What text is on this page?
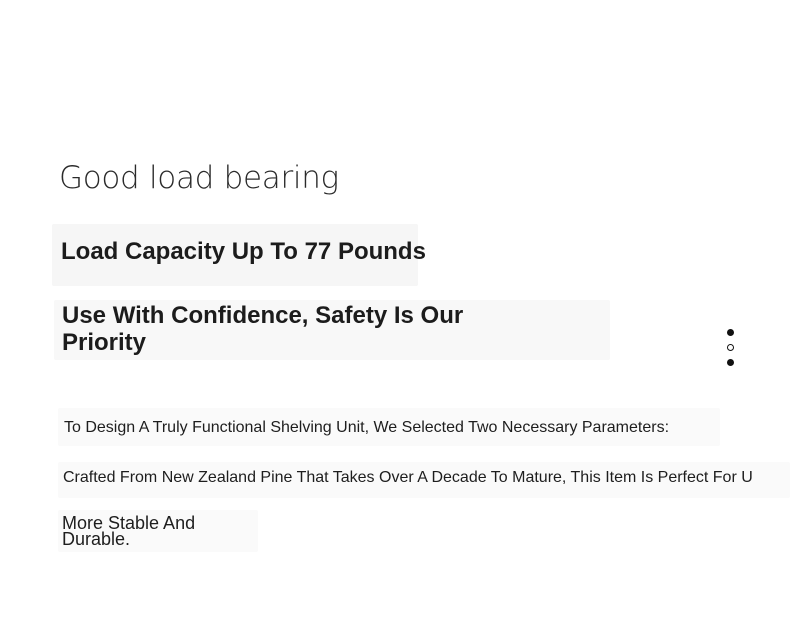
Good load bearing
Load Capacity Up To 77 Pounds
Use With Confidence, Safety Is Our Priority
To Design A Truly Functional Shelving Unit, We Selected Two Necessary Parameters:
Crafted From New Zealand Pine That Takes Over A Decade To Mature, This Item Is Perfect For U
More Stable And Durable.
